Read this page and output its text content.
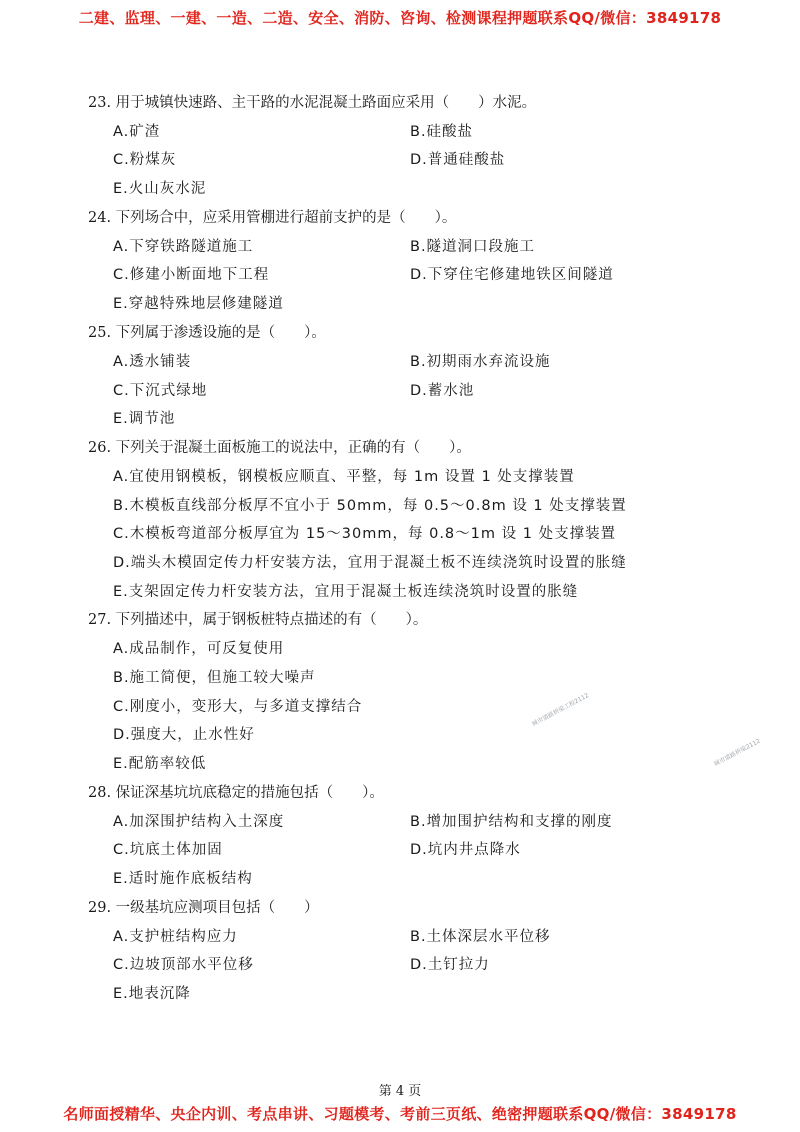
二建、监理、一建、一造、二造、安全、消防、咨询、检测课程押题联系QQ/微信：3849178
23. 用于城镇快速路、主干路的水泥混凝土路面应采用（　　）水泥。
A.矿渣	B.硅酸盐
C.粉煤灰	D.普通硅酸盐
E.火山灰水泥
24. 下列场合中，应采用管棚进行超前支护的是（　　）。
A.下穿铁路隧道施工	B.隧道洞口段施工
C.修建小断面地下工程	D.下穿住宅修建地铁区间隧道
E.穿越特殊地层修建隧道
25. 下列属于渗透设施的是（　　）。
A.透水铺装	B.初期雨水弃流设施
C.下沉式绿地	D.蓄水池
E.调节池
26. 下列关于混凝土面板施工的说法中，正确的有（　　）。
A.宜使用钢模板，钢模板应顺直、平整，每 1m 设置 1 处支撑装置
B.木模板直线部分板厚不宜小于 50mm，每 0.5～0.8m 设 1 处支撑装置
C.木模板弯道部分板厚宜为 15～30mm，每 0.8～1m 设 1 处支撑装置
D.端头木模固定传力杆安装方法，宜用于混凝土板不连续浇筑时设置的胀缝
E.支架固定传力杆安装方法，宜用于混凝土板连续浇筑时设置的胀缝
27. 下列描述中，属于钢板桩特点描述的有（　　）。
A.成品制作，可反复使用
B.施工简便，但施工较大噪声
C.刚度小，变形大，与多道支撑结合
D.强度大，止水性好
E.配筋率较低
28. 保证深基坑坑底稳定的措施包括（　　）。
A.加深围护结构入土深度	B.增加围护结构和支撑的刚度
C.坑底土体加固	D.坑内井点降水
E.适时施作底板结构
29. 一级基坑应测项目包括（　　）
A.支护桩结构应力	B.土体深层水平位移
C.边坡顶部水平位移	D.土钉拉力
E.地表沉降
城市道路桥梁工程2112
城市道路桥梁2112
第 4 页
名师面授精华、央企内训、考点串讲、习题模考、考前三页纸、绝密押题联系QQ/微信：3849178
